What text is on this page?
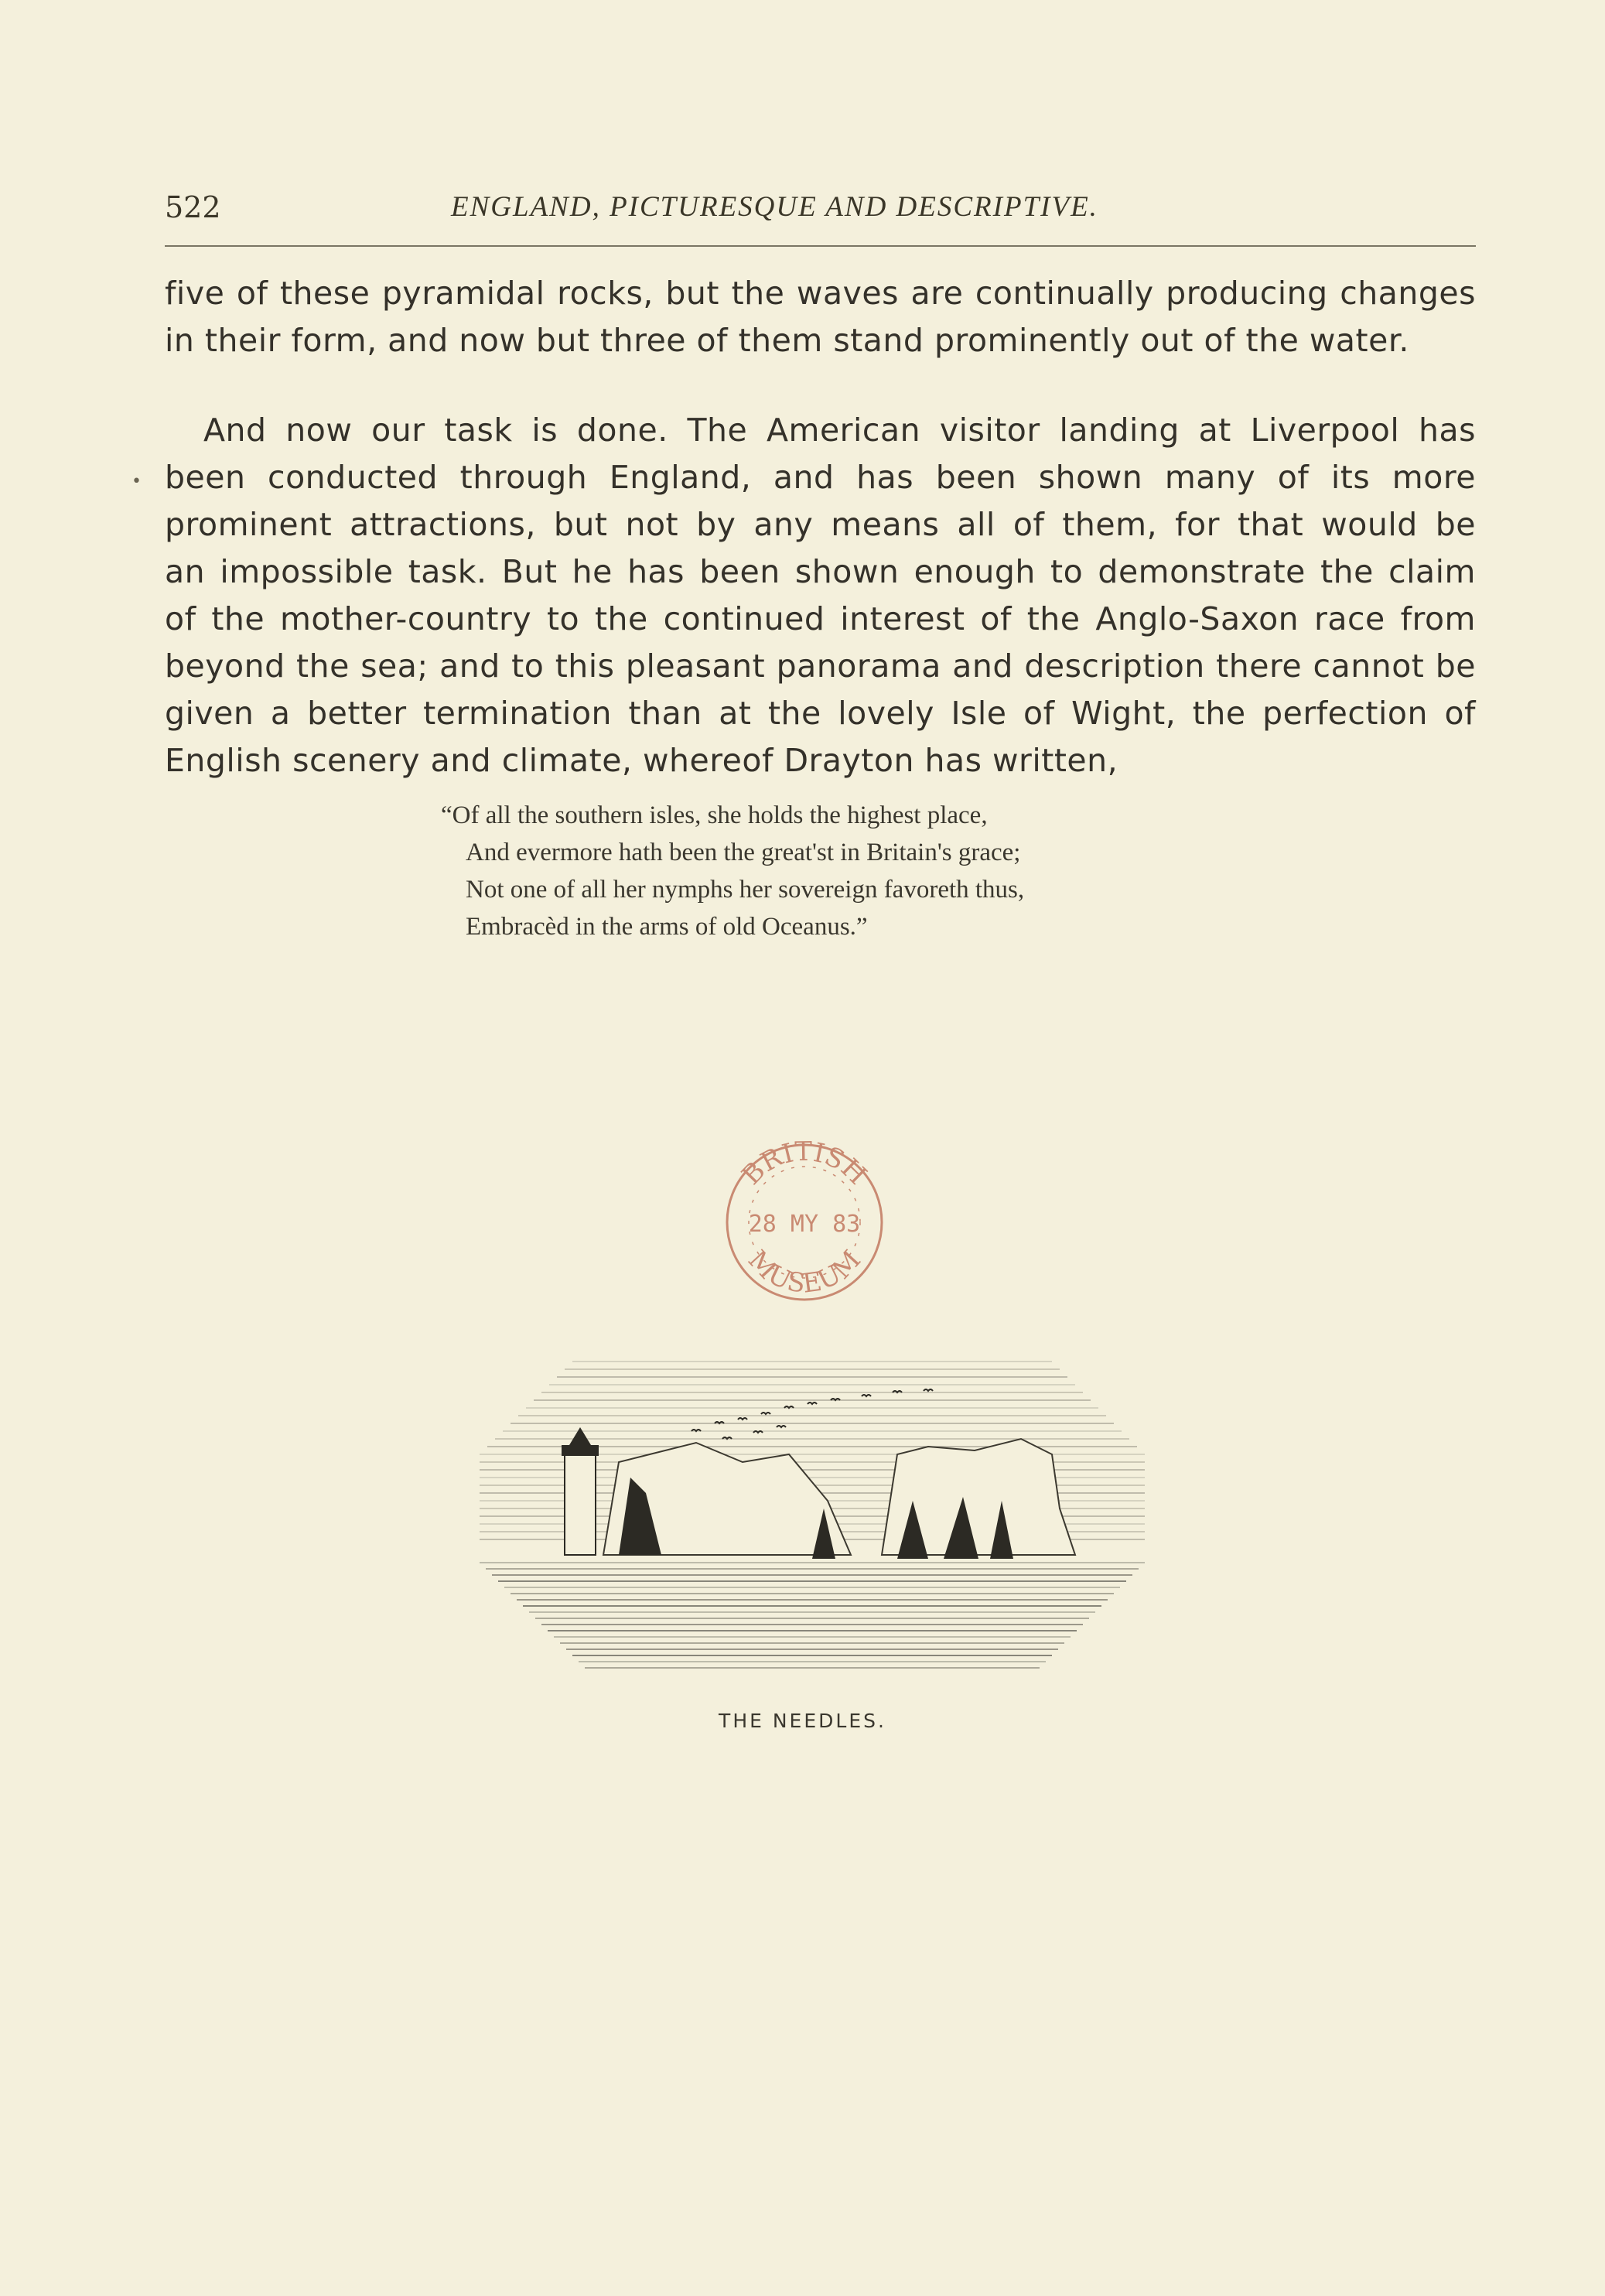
522	ENGLAND, PICTURESQUE AND DESCRIPTIVE.
•
five of these pyramidal rocks, but the waves are continually producing changes
in their form, and now but three of them stand prominently out of the water.
And now our task is done. The American visitor landing at Liverpool has
been conducted through England, and has been shown many of its more
prominent attractions, but not by any means all of them, for that would be
an impossible task. But he has been shown enough to demonstrate the claim
of the mother-country to the continued interest of the Anglo-Saxon race from
beyond the sea; and to this pleasant panorama and description there cannot be
given a better termination than at the lovely Isle of Wight, the perfection of
English scenery and climate, whereof Drayton has written,
“Of all the southern isles, she holds the highest place,
And evermore hath been the great'st in Britain's grace;
Not one of all her nymphs her sovereign favoreth thus,
Embracèd in the arms of old Oceanus.”
BRITISH
MUSEUM
28 MY 83
THE NEEDLES.
